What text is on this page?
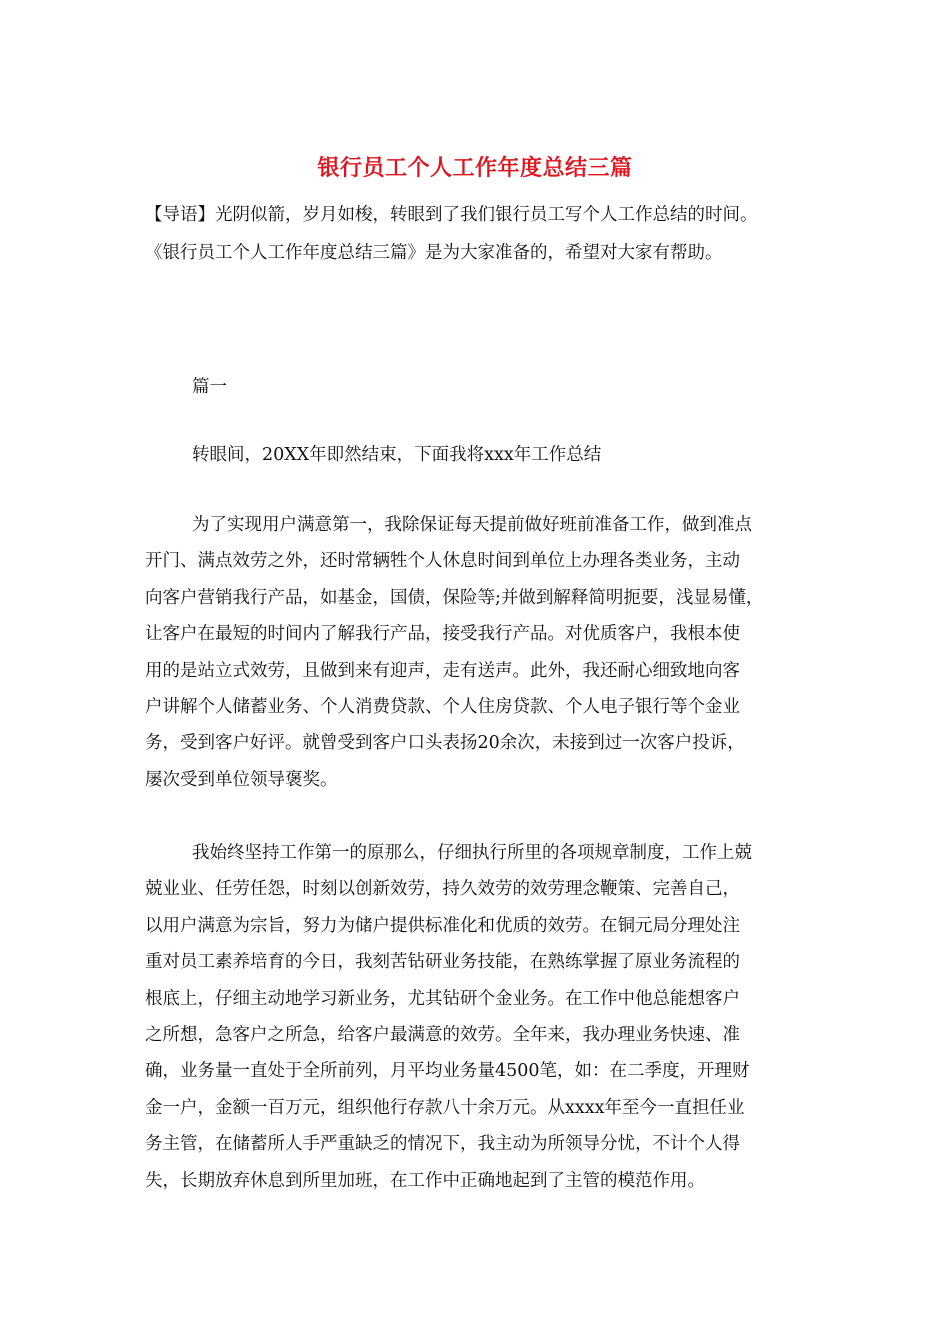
银行员工个人工作年度总结三篇

【导语】光阴似箭，岁月如梭，转眼到了我们银行员工写个人工作总结的时间。

《银行员工个人工作年度总结三篇》是为大家准备的，希望对大家有帮助。

篇一
转眼间，20XX年即然结束，下面我将xxx年工作总结
为了实现用户满意第一，我除保证每天提前做好班前准备工作，做到准点
开门、满点效劳之外，还时常辆牲个人休息时间到单位上办理各类业务，主动
向客户营销我行产品，如基金，国债，保险等;并做到解释简明扼要，浅显易懂，
让客户在最短的时间内了解我行产品，接受我行产品。对优质客户，我根本使
用的是站立式效劳，且做到来有迎声，走有送声。此外，我还耐心细致地向客
户讲解个人储蓄业务、个人消费贷款、个人住房贷款、个人电子银行等个金业
务，受到客户好评。就曾受到客户口头表扬20余次，未接到过一次客户投诉，
屡次受到单位领导褒奖。
我始终坚持工作第一的原那么，仔细执行所里的各项规章制度，工作上兢
兢业业、任劳任怨，时刻以创新效劳，持久效劳的效劳理念鞭策、完善自己，
以用户满意为宗旨，努力为储户提供标准化和优质的效劳。在铜元局分理处注
重对员工素养培育的今日，我刻苦钻研业务技能，在熟练掌握了原业务流程的
根底上，仔细主动地学习新业务，尤其钻研个金业务。在工作中他总能想客户
之所想，急客户之所急，给客户最满意的效劳。全年来，我办理业务快速、准
确，业务量一直处于全所前列，月平均业务量4500笔，如：在二季度，开理财
金一户，金额一百万元，组织他行存款八十余万元。从xxxx年至今一直担任业
务主管，在储蓄所人手严重缺乏的情况下，我主动为所领导分忧，不计个人得
失，长期放弃休息到所里加班，在工作中正确地起到了主管的模范作用。
